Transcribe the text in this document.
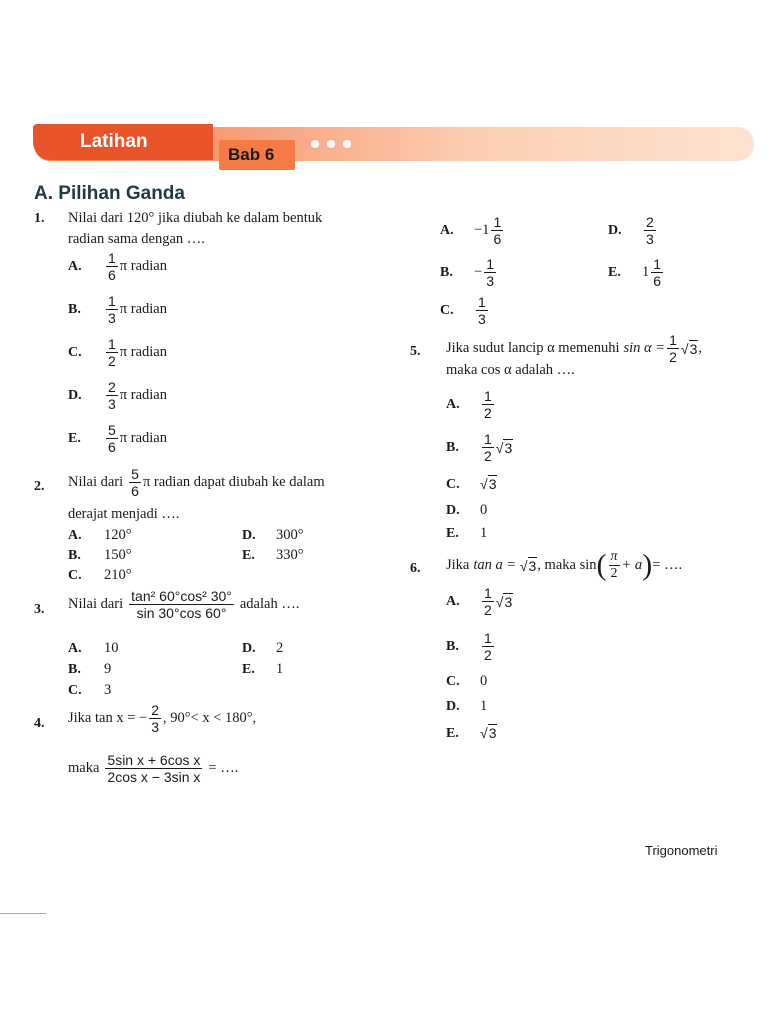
Latihan
Bab 6
A. Pilihan Ganda
1. Nilai dari 120° jika diubah ke dalam bentuk
radian sama dengan ….
A. $\frac{1}{6}$ π radian
B. $\frac{1}{3}$ π radian
C. $\frac{1}{2}$ π radian
D. $\frac{2}{3}$ π radian
E. $\frac{5}{6}$ π radian
2. Nilai dari $\frac{5}{6}$ π radian dapat diubah ke dalam
derajat menjadi ….
A. 120°
B. 150°
C. 210°
D. 300°
E. 330°
3. Nilai dari $\frac{\text{tan² 60°cos² 30°}}{\sin 30^\circ\cos 60^\circ}$ adalah ….
A. 10
B. 9
C. 3
D. 2
E. 1
4. Jika tan x = − $\frac{2}{3}$ , 90°< x < 180°,
maka $\frac{\text{5sin x + 6cos x}}{\text{2cos x − 3sin x}}$ = ….
A. $-1 \frac{1}{6}$
B. − $\frac{1}{3}$
C. $\frac{1}{3}$
D. $\frac{2}{3}$
E. $1 \frac{1}{6}$
5. Jika sudut lancip α memenuhi $\sin \alpha = \frac{1}{2} √3$,
maka cos α adalah ….
A. $\frac{1}{2}$
B. $\frac{1}{2} √3$
C. √3
D. 0
E. 1
6. Jika tan a = √3, maka $\sin( \frac{\pi}{2} + a)=$ ….
A. $\frac{1}{2} √3$
B. $\frac{1}{2}$
C. 0
D. 1
E. √3
Trigonometri
